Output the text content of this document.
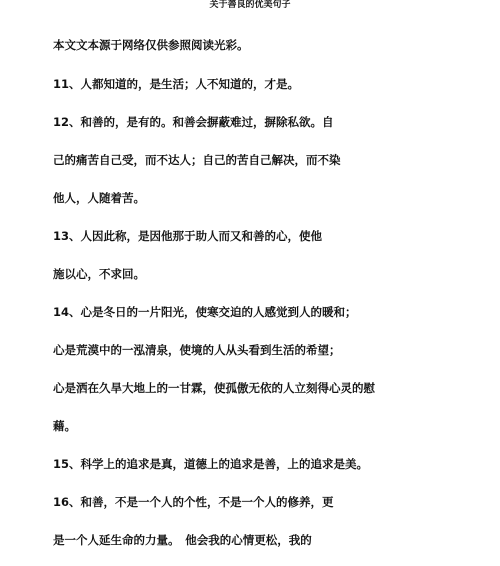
关于善良的优美句子
本文文本源于网络仅供参照阅读光彩。
11、人都知道的，是生活；人不知道的，才是。
12、和善的，是有的。和善会摒蔽难过，摒除私欲。自
己的痛苦自己受，而不达人；自己的苦自己解决，而不染
他人，人随着苦。
13、人因此称，是因他那于助人而又和善的心，使他
施以心，不求回。
14、心是冬日的一片阳光，使寒交迫的人感觉到人的暖和；
心是荒漠中的一泓清泉，使境的人从头看到生活的希望；
心是洒在久旱大地上的一甘霖，使孤傲无依的人立刻得心灵的慰
藉。
15、科学上的追求是真，道德上的追求是善，上的追求是美。
16、和善，不是一个人的个性，不是一个人的修养，更
是一个人延生命的力量。　他会我的心情更松，我的
